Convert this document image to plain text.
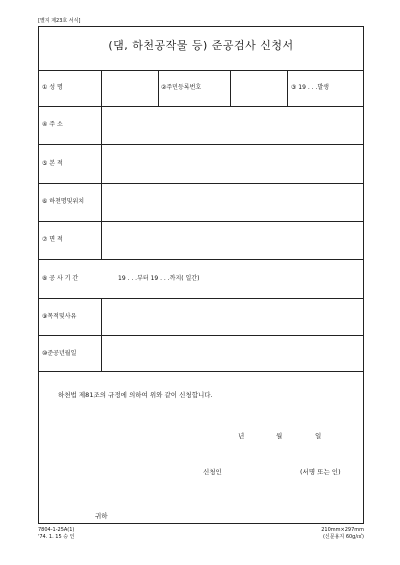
[별지 제23호 서식]
(댐, 하천공작물 등) 준공검사 신청서
① 성 명	②주민등록번호	③ 19 . . .발생
④ 주 소
⑤ 본 적
⑥ 하천명및위치
⑦ 면 적
⑧ 공 사 기 간	19 . . .부터 19 . . .까지( 일간)
⑨목적및사유
⑩준공년월일
하천법 제81조의 규정에 의하여 위와 같이 신청합니다.
년	월	일
신청인	(서명 또는 인)
귀하
7804-1-25A(1)
'74. 1. 15 승 인
210mm×297mm
(신문용지 60g/㎡)
